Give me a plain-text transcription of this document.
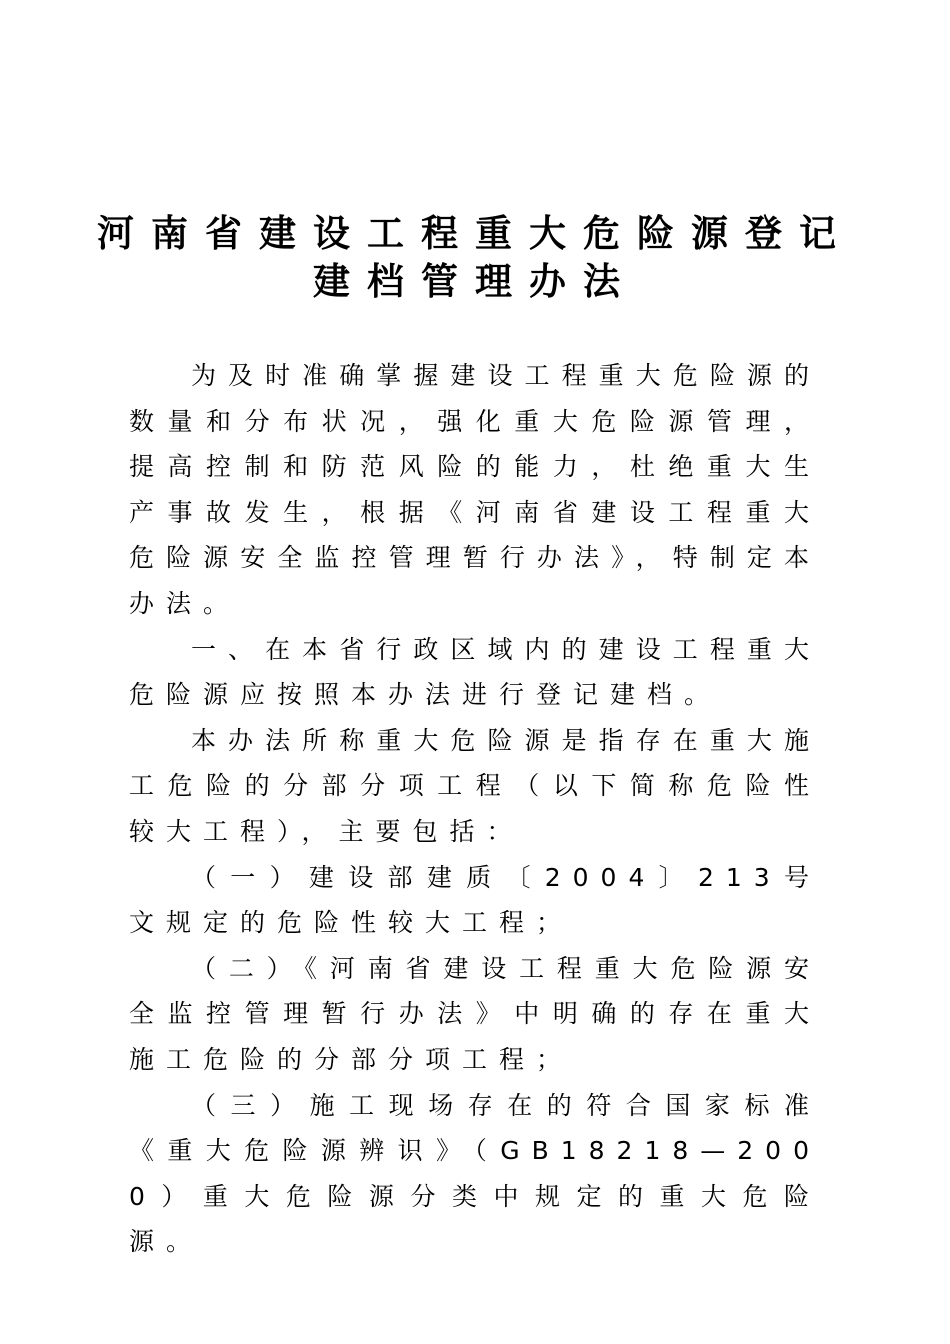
河南省建设工程重大危险源登记
建档管理办法

为及时准确掌握建设工程重大危险源的数量和分布状况，强化重大危险源管理，提高控制和防范风险的能力，杜绝重大生产事故发生，根据《河南省建设工程重大危险源安全监控管理暂行办法》，特制定本办法。

一、在本省行政区域内的建设工程重大危险源应按照本办法进行登记建档。

本办法所称重大危险源是指存在重大施工危险的分部分项工程（以下简称危险性较大工程），主要包括：

（一）建设部建质〔2004〕213号文规定的危险性较大工程；

（二）《河南省建设工程重大危险源安全监控管理暂行办法》中明确的存在重大施工危险的分部分项工程；

（三）施工现场存在的符合国家标准《重大危险源辨识》（GB18218—2000）重大危险源分类中规定的重大危险源。
